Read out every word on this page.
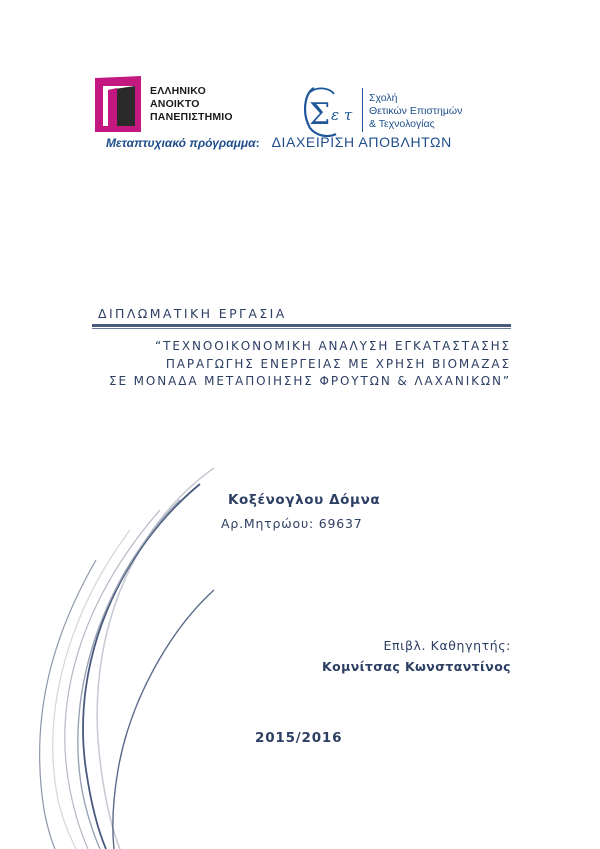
ΕΛΛΗΝΙΚΟ
ΑΝΟΙΚΤΟ
ΠΑΝΕΠΙΣΤΗΜΙΟ	Σ ε τ
Σχολή
Θετικών Επιστημών
& Τεχνολογίας
Μεταπτυχιακό πρόγραμμα: ΔΙΑΧΕΙΡΙΣΗ ΑΠΟΒΛΗΤΩΝ
ΔΙΠΛΩΜΑΤΙΚΗ ΕΡΓΑΣΙΑ
“ΤΕΧΝΟΟΙΚΟΝΟΜΙΚΗ ΑΝΑΛΥΣΗ ΕΓΚΑΤΑΣΤΑΣΗΣ
ΠΑΡΑΓΩΓΗΣ ΕΝΕΡΓΕΙΑΣ ΜΕ ΧΡΗΣΗ ΒΙΟΜΑΖΑΣ
ΣΕ ΜΟΝΑΔΑ ΜΕΤΑΠΟΙΗΣΗΣ ΦΡΟΥΤΩΝ & ΛΑΧΑΝΙΚΩΝ”
Κοξένογλου Δόμνα
Αρ.Μητρώου: 69637
Επιβλ. Καθηγητής:
Κομνίτσας Κωνσταντίνος
2015/2016
